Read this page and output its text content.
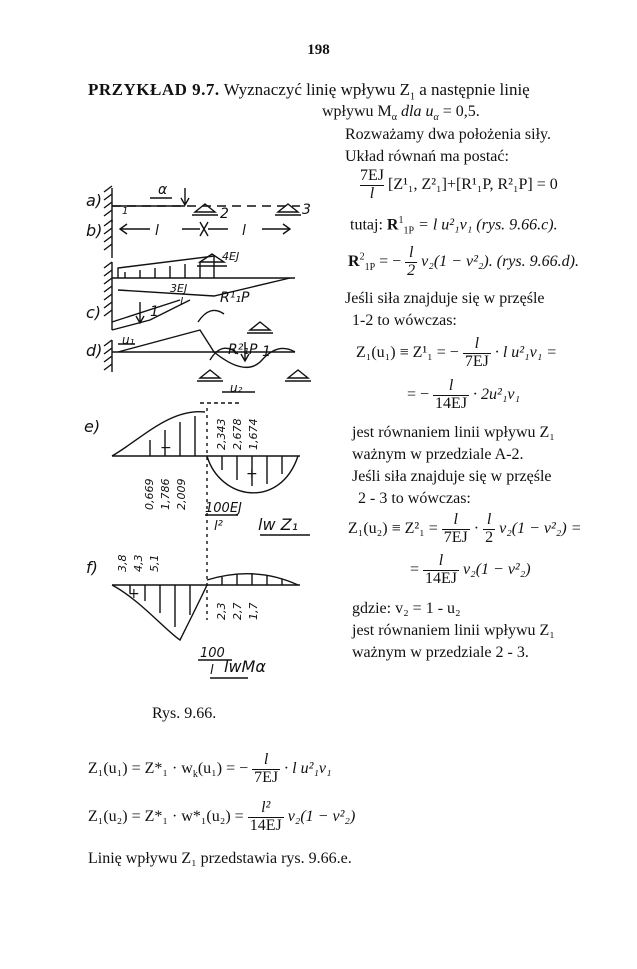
198
PRZYKŁAD 9.7. Wyznaczyć linię wpływu $Z_1$ a następnie linię
wpływu $M_\alpha$ dla $u_\alpha = 0,5$.
Rozważamy dwa położenia siły.
Układ równań ma postać:
$\frac{7EJ}{l} [Z^1_1$, Z²₁]+[R¹₁P, R²₁P] = 0
tutaj: $R^1_{1P} = l$ u²₁v₁ (rys. 9.66.c).
$R^2_{1P}$ = − $\frac{l}{2} v_2(1 - v^2_2)$. (rys. 9.66.d).
Jeśli siła znajduje się w przęśle
1-2 to wówczas:
Z₁(u₁) ≡ Z¹₁ = − $\frac{l}{7EJ} \cdot l$ u²₁v₁ =
= − $\frac{l}{14EJ} \cdot 2u^2_1v_1$
jest równaniem linii wpływu Z₁
ważnym w przedziale A-2.
Jeśli siła znajduje się w przęśle
2 - 3 to wówczas:
$Z_1(u_2) \equiv Z^2_1 = \frac{l}{7EJ} \cdot \frac{l}{2} v_2(1 - v^2_2)$ =
= $\frac{l}{14EJ} v_2(1 - v^2_2)$
gdzie: v₂ = 1 - u₂
jest równaniem linii wpływu Z₁
ważnym w przedziale 2 - 3.
a)
b)
c)
d)
e)
f)
α
2	3
1
l	l
4EJ
3EJ
l	R¹₁P
R²₁P
1
1
u₁
u₂
−
+
+
2,343 2,678 1,674
0,669 1,786 2,009 100EJ
l² lw Z₁
3,8 4,3 5,1
2,3 2,7 1,7
100
l lwMα
Rys. 9.66.
$Z_1(u_1) = Z*_1 \cdot w_k(u_1)$ = − $\frac{l}{7EJ} \cdot l$ u²₁v₁
$Z_1(u_2) = Z*_1 \cdot w*_1(u_2) = \frac{\text{l²}}{14EJ} v_2(1 - v^2_2)$
Linię wpływu Z₁ przedstawia rys. 9.66.e.
